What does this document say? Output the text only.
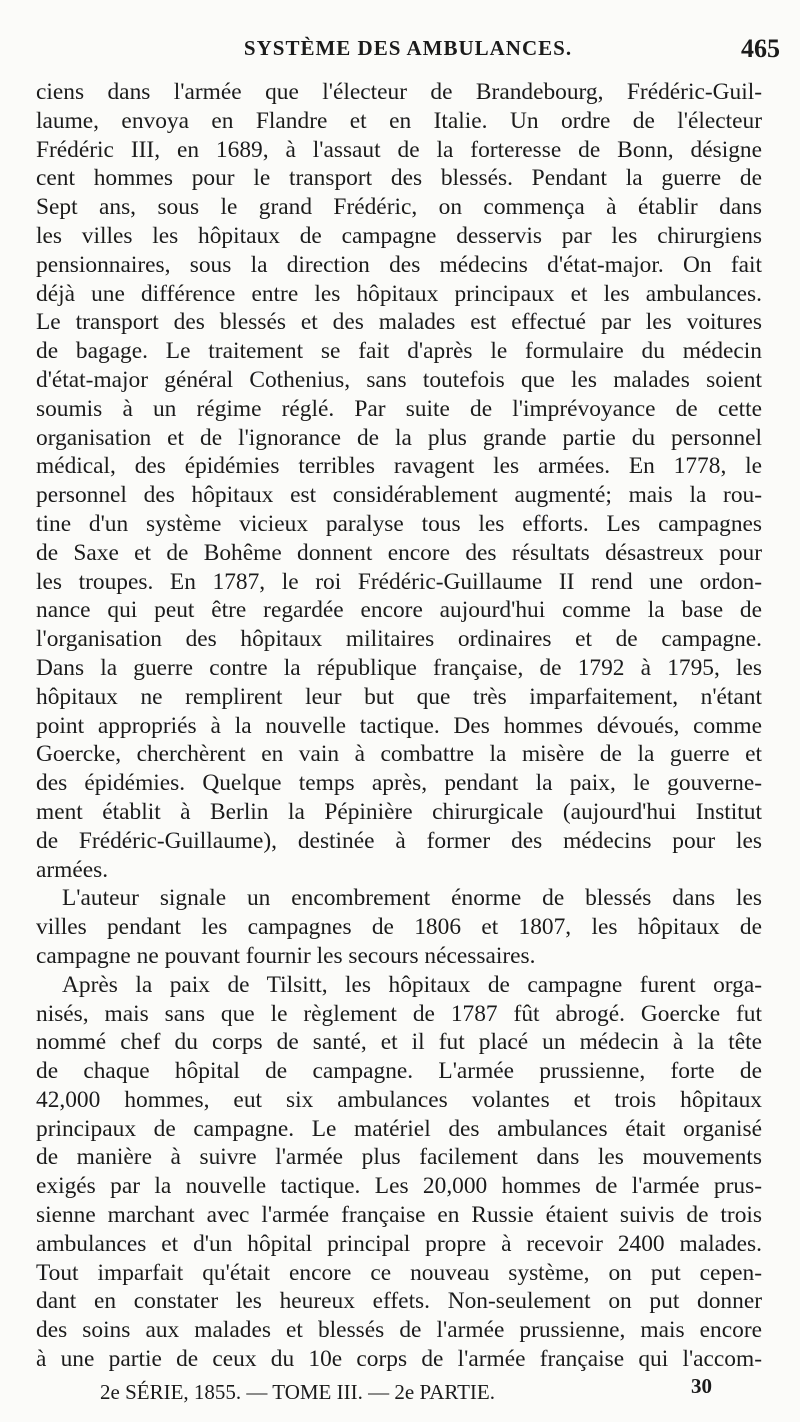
SYSTÈME DES AMBULANCES.	465
ciens dans l'armée que l'électeur de Brandebourg, Frédéric-Guil-
laume, envoya en Flandre et en Italie. Un ordre de l'électeur
Frédéric III, en 1689, à l'assaut de la forteresse de Bonn, désigne
cent hommes pour le transport des blessés. Pendant la guerre de
Sept ans, sous le grand Frédéric, on commença à établir dans
les villes les hôpitaux de campagne desservis par les chirurgiens
pensionnaires, sous la direction des médecins d'état-major. On fait
déjà une différence entre les hôpitaux principaux et les ambulances.
Le transport des blessés et des malades est effectué par les voitures
de bagage. Le traitement se fait d'après le formulaire du médecin
d'état-major général Cothenius, sans toutefois que les malades soient
soumis à un régime réglé. Par suite de l'imprévoyance de cette
organisation et de l'ignorance de la plus grande partie du personnel
médical, des épidémies terribles ravagent les armées. En 1778, le
personnel des hôpitaux est considérablement augmenté; mais la rou-
tine d'un système vicieux paralyse tous les efforts. Les campagnes
de Saxe et de Bohême donnent encore des résultats désastreux pour
les troupes. En 1787, le roi Frédéric-Guillaume II rend une ordon-
nance qui peut être regardée encore aujourd'hui comme la base de
l'organisation des hôpitaux militaires ordinaires et de campagne.
Dans la guerre contre la république française, de 1792 à 1795, les
hôpitaux ne remplirent leur but que très imparfaitement, n'étant
point appropriés à la nouvelle tactique. Des hommes dévoués, comme
Goercke, cherchèrent en vain à combattre la misère de la guerre et
des épidémies. Quelque temps après, pendant la paix, le gouverne-
ment établit à Berlin la Pépinière chirurgicale (aujourd'hui Institut
de Frédéric-Guillaume), destinée à former des médecins pour les
armées.
L'auteur signale un encombrement énorme de blessés dans les
villes pendant les campagnes de 1806 et 1807, les hôpitaux de
campagne ne pouvant fournir les secours nécessaires.
Après la paix de Tilsitt, les hôpitaux de campagne furent orga-
nisés, mais sans que le règlement de 1787 fût abrogé. Goercke fut
nommé chef du corps de santé, et il fut placé un médecin à la tête
de chaque hôpital de campagne. L'armée prussienne, forte de
42,000 hommes, eut six ambulances volantes et trois hôpitaux
principaux de campagne. Le matériel des ambulances était organisé
de manière à suivre l'armée plus facilement dans les mouvements
exigés par la nouvelle tactique. Les 20,000 hommes de l'armée prus-
sienne marchant avec l'armée française en Russie étaient suivis de trois
ambulances et d'un hôpital principal propre à recevoir 2400 malades.
Tout imparfait qu'était encore ce nouveau système, on put cepen-
dant en constater les heureux effets. Non-seulement on put donner
des soins aux malades et blessés de l'armée prussienne, mais encore
à une partie de ceux du 10e corps de l'armée française qui l'accom-
2e SÉRIE, 1855. — TOME III. — 2e PARTIE.	30
